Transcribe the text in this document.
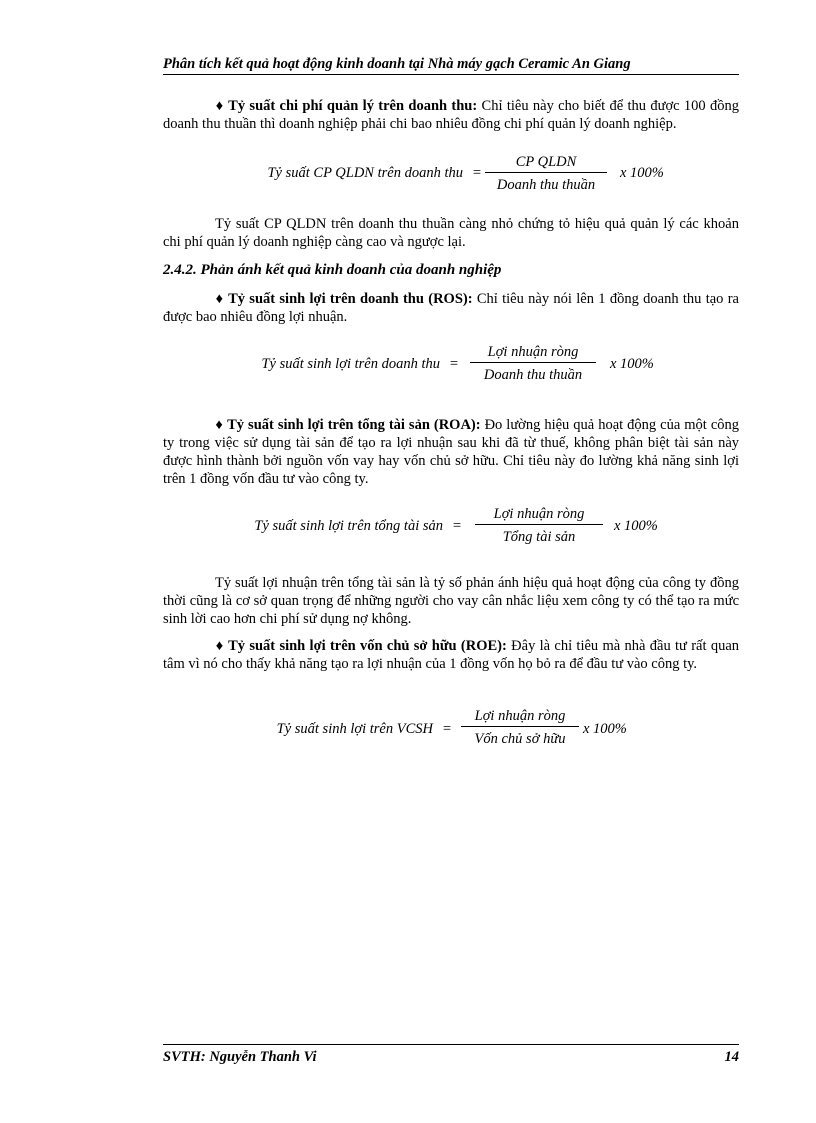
Phân tích kết quả hoạt động kinh doanh tại Nhà máy gạch Ceramic An Giang

♦ Tỷ suất chi phí quản lý trên doanh thu: Chỉ tiêu này cho biết để thu được 100 đồng doanh thu thuần thì doanh nghiệp phải chi bao nhiêu đồng chi phí quản lý doanh nghiệp.

Tỷ suất CP QLDN trên doanh thu =
CP QLDN
Doanh thu thuần
x 100%

Tỷ suất CP QLDN trên doanh thu thuần càng nhỏ chứng tỏ hiệu quả quản lý các khoản chi phí quản lý doanh nghiệp càng cao và ngược lại.

2.4.2. Phản ánh kết quả kinh doanh của doanh nghiệp

♦ Tỷ suất sinh lợi trên doanh thu (ROS): Chỉ tiêu này nói lên 1 đồng doanh thu tạo ra được bao nhiêu đồng lợi nhuận.

Tỷ suất sinh lợi trên doanh thu =
Lợi nhuận ròng
Doanh thu thuần
x 100%

♦ Tỷ suất sinh lợi trên tổng tài sản (ROA): Đo lường hiệu quả hoạt động của một công ty trong việc sử dụng tài sản để tạo ra lợi nhuận sau khi đã từ thuế, không phân biệt tài sản này được hình thành bởi nguồn vốn vay hay vốn chủ sở hữu. Chỉ tiêu này đo lường khả năng sinh lợi trên 1 đồng vốn đầu tư vào công ty.

Tỷ suất sinh lợi trên tổng tài sản =
Lợi nhuận ròng
Tổng tài sản
x 100%

Tỷ suất lợi nhuận trên tổng tài sản là tỷ số phản ánh hiệu quả hoạt động của công ty đồng thời cũng là cơ sở quan trọng để những người cho vay cân nhắc liệu xem công ty có thể tạo ra mức sinh lời cao hơn chi phí sử dụng nợ không.

♦ Tỷ suất sinh lợi trên vốn chủ sở hữu (ROE): Đây là chỉ tiêu mà nhà đầu tư rất quan tâm vì nó cho thấy khả năng tạo ra lợi nhuận của 1 đồng vốn họ bỏ ra để đầu tư vào công ty.

Tỷ suất sinh lợi trên VCSH =
Lợi nhuận ròng
Vốn chủ sở hữu
x 100%
SVTH: Nguyễn Thanh Vi	14
